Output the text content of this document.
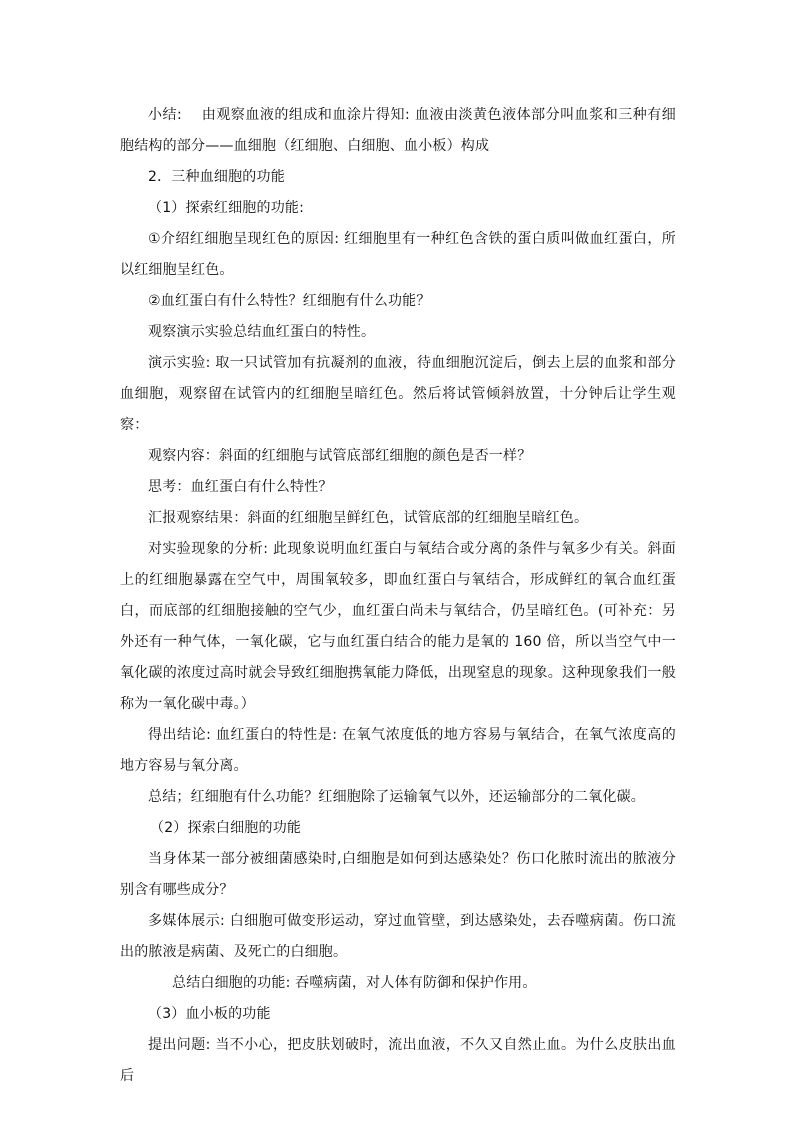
小结:　 由观察血液的组成和血涂片得知: 血液由淡黄色液体部分叫血浆和三种有细胞结构的部分——血细胞（红细胞、白细胞、血小板）构成

2．三种血细胞的功能

（1）探索红细胞的功能:

①介绍红细胞呈现红色的原因: 红细胞里有一种红色含铁的蛋白质叫做血红蛋白，所以红细胞呈红色。

②血红蛋白有什么特性？红细胞有什么功能？

观察演示实验总结血红蛋白的特性。

演示实验: 取一只试管加有抗凝剂的血液，待血细胞沉淀后，倒去上层的血浆和部分血细胞，观察留在试管内的红细胞呈暗红色。然后将试管倾斜放置，十分钟后让学生观察：

观察内容：斜面的红细胞与试管底部红细胞的颜色是否一样？

思考：血红蛋白有什么特性？

汇报观察结果：斜面的红细胞呈鲜红色，试管底部的红细胞呈暗红色。

对实验现象的分析: 此现象说明血红蛋白与氧结合或分离的条件与氧多少有关。斜面上的红细胞暴露在空气中，周围氧较多，即血红蛋白与氧结合，形成鲜红的氧合血红蛋白，而底部的红细胞接触的空气少，血红蛋白尚未与氧结合，仍呈暗红色。(可补充：另外还有一种气体，一氧化碳，它与血红蛋白结合的能力是氧的 160 倍，所以当空气中一氧化碳的浓度过高时就会导致红细胞携氧能力降低，出现窒息的现象。这种现象我们一般称为一氧化碳中毒。）

得出结论: 血红蛋白的特性是: 在氧气浓度低的地方容易与氧结合，在氧气浓度高的地方容易与氧分离。

总结；红细胞有什么功能？红细胞除了运输氧气以外，还运输部分的二氧化碳。

（2）探索白细胞的功能

当身体某一部分被细菌感染时,白细胞是如何到达感染处？伤口化脓时流出的脓液分别含有哪些成分？

多媒体展示: 白细胞可做变形运动，穿过血管壁，到达感染处，去吞噬病菌。伤口流出的脓液是病菌、及死亡的白细胞。

总结白细胞的功能: 吞噬病菌，对人体有防御和保护作用。

（3）血小板的功能

提出问题: 当不小心，把皮肤划破时，流出血液，不久又自然止血。为什么皮肤出血后
